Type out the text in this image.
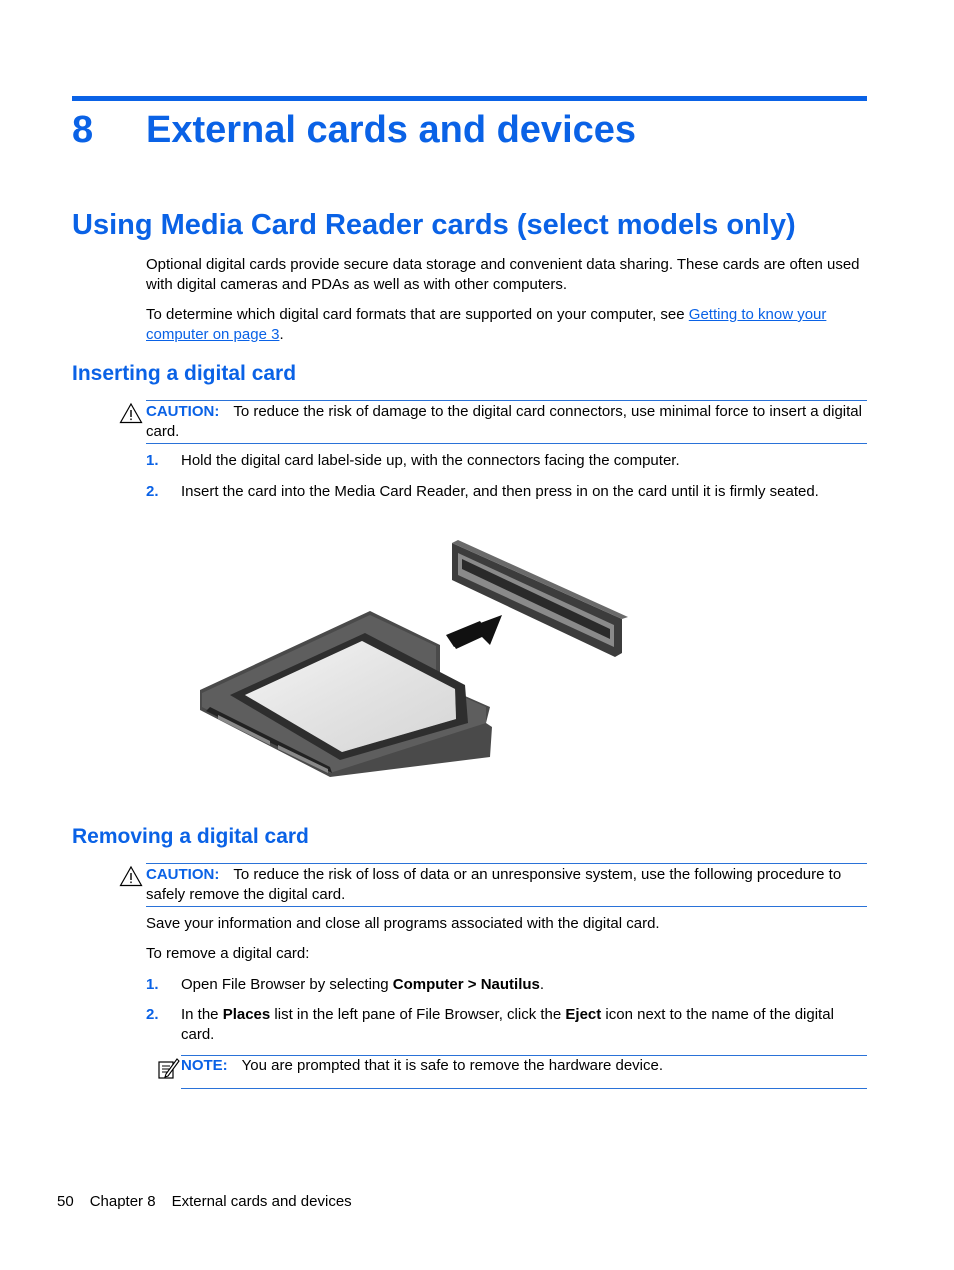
8 External cards and devices
Using Media Card Reader cards (select models only)
Optional digital cards provide secure data storage and convenient data sharing. These cards are often used with digital cameras and PDAs as well as with other computers.
To determine which digital card formats that are supported on your computer, see Getting to know your computer on page 3.
Inserting a digital card
CAUTION: To reduce the risk of damage to the digital card connectors, use minimal force to insert a digital card.
1. Hold the digital card label-side up, with the connectors facing the computer.
2. Insert the card into the Media Card Reader, and then press in on the card until it is firmly seated.
Removing a digital card
CAUTION: To reduce the risk of loss of data or an unresponsive system, use the following procedure to safely remove the digital card.
Save your information and close all programs associated with the digital card.
To remove a digital card:
1. Open File Browser by selecting Computer > Nautilus.
2. In the Places list in the left pane of File Browser, click the Eject icon next to the name of the digital card.
NOTE: You are prompted that it is safe to remove the hardware device.
50 Chapter 8 External cards and devices
